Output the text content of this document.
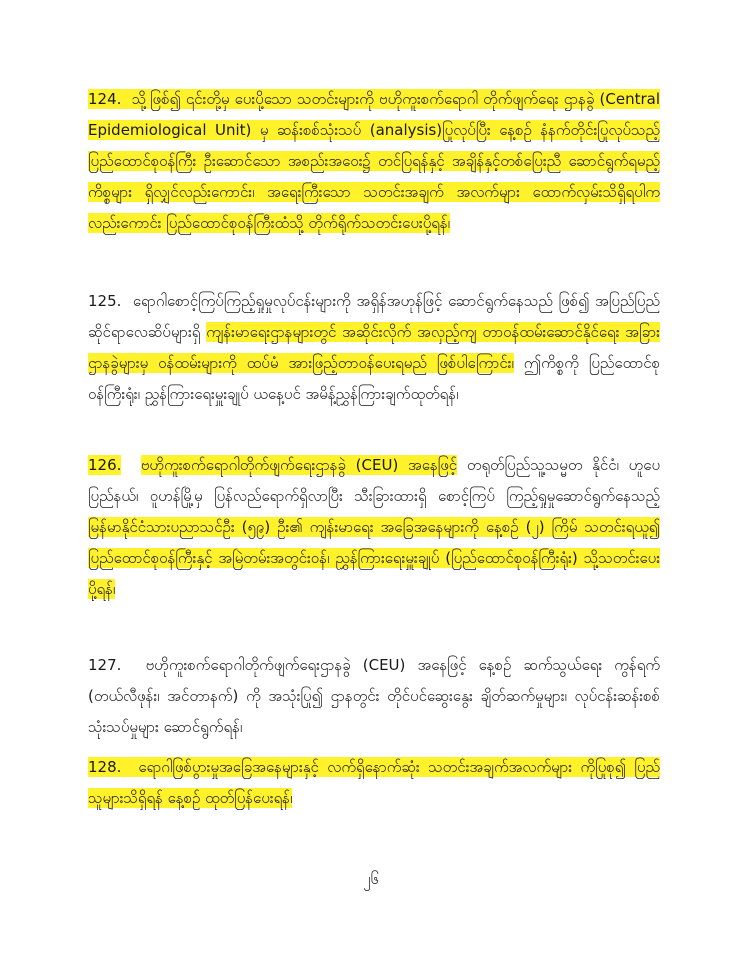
124. သို့ဖြစ်၍ ၎င်းတို့မှ ပေးပို့သော သတင်းများကို ဗဟိုကူးစက်ရောဂါ တိုက်ဖျက်ရေး ဌာနခွဲ (Central Epidemiological Unit) မှ ဆန်းစစ်သုံးသပ် (analysis)ပြုလုပ်ပြီး နေ့စဉ် နံနက်တိုင်းပြုလုပ်သည့် ပြည်ထောင်စုဝန်ကြီး ဦးဆောင်သော အစည်းအဝေး၌ တင်ပြရန်နှင့် အချိန်နှင့်တစ်ပြေးညီ ဆောင်ရွက်ရမည့်ကိစ္စများ ရှိလျှင်လည်းကောင်း၊ အရေးကြီးသော သတင်းအချက် အလက်များ ထောက်လှမ်းသိရှိရပါက လည်းကောင်း ပြည်ထောင်စုဝန်ကြီးထံသို့ တိုက်ရိုက်သတင်းပေးပို့ရန်၊

125. ရောဂါစောင့်ကြပ်ကြည့်ရှုမှုလုပ်ငန်းများကို အရှိန်အဟုန်ဖြင့် ဆောင်ရွက်နေသည် ဖြစ်၍ အပြည်ပြည်ဆိုင်ရာလေဆိပ်များရှိ ကျန်းမာရေးဌာနများတွင် အဆိုင်းလိုက် အလှည့်ကျ တာဝန်ထမ်းဆောင်နိုင်ရေး အခြားဌာနခွဲများမှ ဝန်ထမ်းများကို ထပ်မံ အားဖြည့်တာဝန်ပေးရမည် ဖြစ်ပါကြောင်း၊ ဤကိစ္စကို ပြည်ထောင်စုဝန်ကြီးရုံး၊ ညွှန်ကြားရေးမှူးချုပ် ယနေ့ပင် အမိန့်ညွှန်ကြားချက်ထုတ်ရန်၊

126. ဗဟိုကူးစက်ရောဂါတိုက်ဖျက်ရေးဌာနခွဲ (CEU) အနေဖြင့် တရုတ်ပြည်သူ့သမ္မတ နိုင်ငံ၊ ဟူပေပြည်နယ်၊ ဝူဟန်မြို့မှ ပြန်လည်ရောက်ရှိလာပြီး သီးခြားထားရှိ စောင့်ကြပ် ကြည့်ရှုမှုဆောင်ရွက်နေသည့် မြန်မာနိုင်ငံသားပညာသင်ဦး (၅၉) ဦး၏ ကျန်းမာရေး အခြေအနေများကို နေ့စဉ် (၂) ကြိမ် သတင်းရယူ၍ ပြည်ထောင်စုဝန်ကြီးနှင့် အမြဲတမ်းအတွင်းဝန်၊ ညွှန်ကြားရေးမှူးချုပ် (ပြည်ထောင်စုဝန်ကြီးရုံး) သို့သတင်းပေး ပို့ရန်၊

127. ဗဟိုကူးစက်ရောဂါတိုက်ဖျက်ရေးဌာနခွဲ (CEU) အနေဖြင့် နေ့စဉ် ဆက်သွယ်ရေး ကွန်ရက် (တယ်လီဖုန်း၊ အင်တာနက်) ကို အသုံးပြု၍ ဌာနတွင်း တိုင်ပင်ဆွေးနွေး ချိတ်ဆက်မှုများ၊ လုပ်ငန်းဆန်းစစ် သုံးသပ်မှုများ ဆောင်ရွက်ရန်၊

128. ရောဂါဖြစ်ပွားမှုအခြေအနေများနှင့် လက်ရှိနောက်ဆုံး သတင်းအချက်အလက်များ ကိုပြုစု၍ ပြည်သူများသိရှိရန် နေ့စဉ် ထုတ်ပြန်ပေးရန်၊

၂၆
